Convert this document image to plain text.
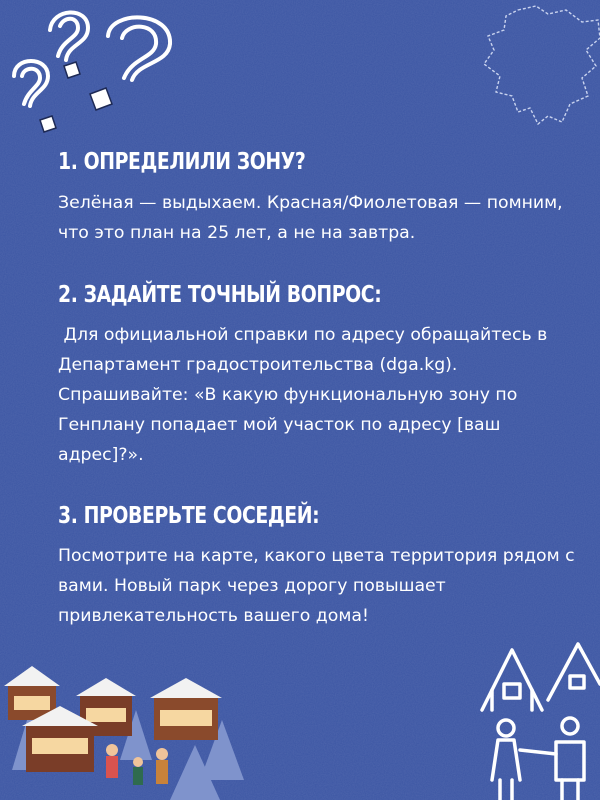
1. ОПРЕДЕЛИЛИ ЗОНУ?

Зелёная — выдыхаем. Красная/Фиолетовая — помним, что это план на 25 лет, а не на завтра.

2. ЗАДАЙТЕ ТОЧНЫЙ ВОПРОС:

Для официальной справки по адресу обращайтесь в Департамент градостроительства (dga.kg). Спрашивайте: «В какую функциональную зону по Генплану попадает мой участок по адресу [ваш адрес]?».

3. ПРОВЕРЬТЕ СОСЕДЕЙ:

Посмотрите на карте, какого цвета территория рядом с вами. Новый парк через дорогу повышает привлекательность вашего дома!
